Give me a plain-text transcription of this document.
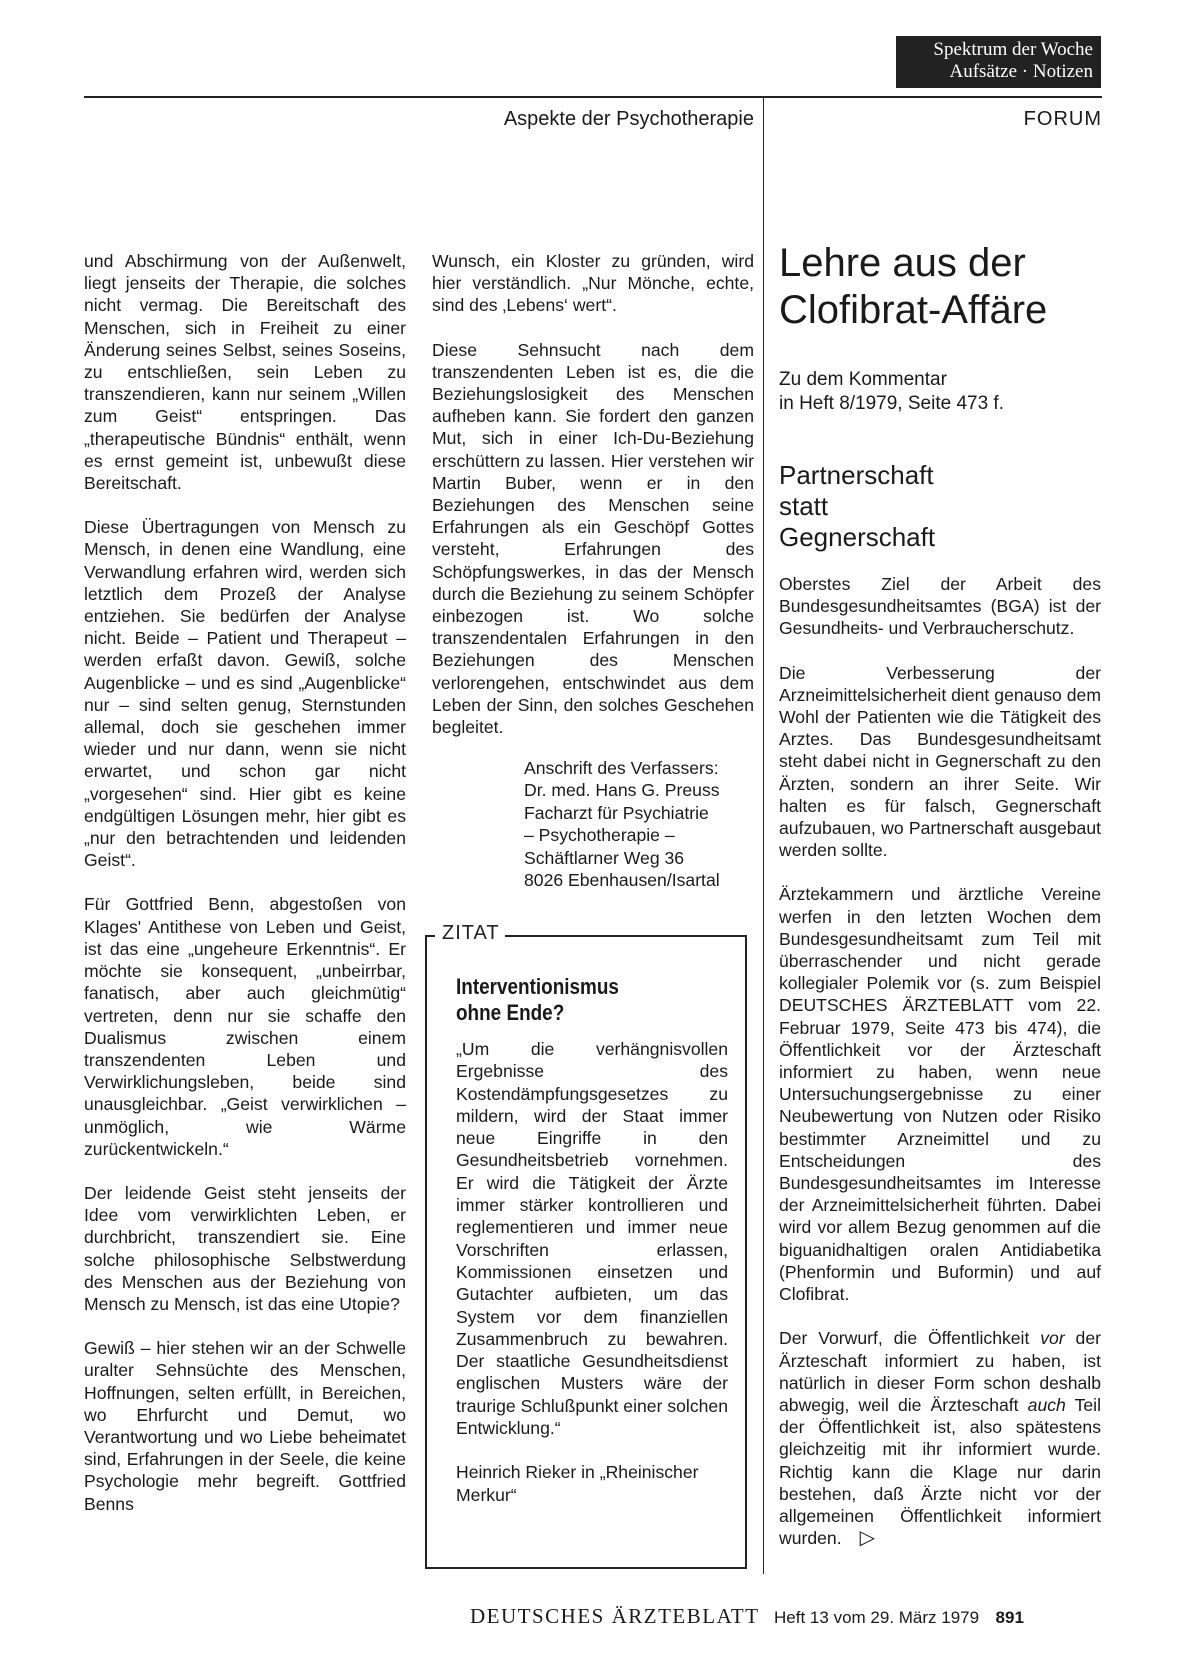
Spektrum der Woche
Aufsätze · Notizen
Aspekte der Psychotherapie	FORUM

und Abschirmung von der Außenwelt, liegt jenseits der Therapie, die solches nicht vermag. Die Bereitschaft des Menschen, sich in Freiheit zu einer Änderung seines Selbst, seines Soseins, zu entschließen, sein Leben zu transzendieren, kann nur seinem „Willen zum Geist“ entspringen. Das „therapeutische Bündnis“ enthält, wenn es ernst gemeint ist, unbewußt diese Bereitschaft.

Diese Übertragungen von Mensch zu Mensch, in denen eine Wandlung, eine Verwandlung erfahren wird, werden sich letztlich dem Prozeß der Analyse entziehen. Sie bedürfen der Analyse nicht. Beide – Patient und Therapeut – werden erfaßt davon. Gewiß, solche Augenblicke – und es sind „Augenblicke“ nur – sind selten genug, Sternstunden allemal, doch sie geschehen immer wieder und nur dann, wenn sie nicht erwartet, und schon gar nicht „vorgesehen“ sind. Hier gibt es keine endgültigen Lösungen mehr, hier gibt es „nur den betrachtenden und leidenden Geist“.

Für Gottfried Benn, abgestoßen von Klages' Antithese von Leben und Geist, ist das eine „ungeheure Erkenntnis“. Er möchte sie konsequent, „unbeirrbar, fanatisch, aber auch gleichmütig“ vertreten, denn nur sie schaffe den Dualismus zwischen einem transzendenten Leben und Verwirklichungsleben, beide sind unausgleichbar. „Geist verwirklichen – unmöglich, wie Wärme zurückentwickeln.“

Der leidende Geist steht jenseits der Idee vom verwirklichten Leben, er durchbricht, transzendiert sie. Eine solche philosophische Selbstwerdung des Menschen aus der Beziehung von Mensch zu Mensch, ist das eine Utopie?

Gewiß – hier stehen wir an der Schwelle uralter Sehnsüchte des Menschen, Hoffnungen, selten erfüllt, in Bereichen, wo Ehrfurcht und Demut, wo Verantwortung und wo Liebe beheimatet sind, Erfahrungen in der Seele, die keine Psychologie mehr begreift. Gottfried Benns

Wunsch, ein Kloster zu gründen, wird hier verständlich. „Nur Mönche, echte, sind des ‚Lebens‘ wert“.

Diese Sehnsucht nach dem transzendenten Leben ist es, die die Beziehungslosigkeit des Menschen aufheben kann. Sie fordert den ganzen Mut, sich in einer Ich-Du-Beziehung erschüttern zu lassen. Hier verstehen wir Martin Buber, wenn er in den Beziehungen des Menschen seine Erfahrungen als ein Geschöpf Gottes versteht, Erfahrungen des Schöpfungswerkes, in das der Mensch durch die Beziehung zu seinem Schöpfer einbezogen ist. Wo solche transzendentalen Erfahrungen in den Beziehungen des Menschen verlorengehen, entschwindet aus dem Leben der Sinn, den solches Geschehen begleitet.

Anschrift des Verfassers:
Dr. med. Hans G. Preuss
Facharzt für Psychiatrie
– Psychotherapie –
Schäftlarner Weg 36
8026 Ebenhausen/Isartal
ZITAT
Interventionismus
ohne Ende?

„Um die verhängnisvollen Ergebnisse des Kostendämpfungsgesetzes zu mildern, wird der Staat immer neue Eingriffe in den Gesundheitsbetrieb vornehmen. Er wird die Tätigkeit der Ärzte immer stärker kontrollieren und reglementieren und immer neue Vorschriften erlassen, Kommissionen einsetzen und Gutachter aufbieten, um das System vor dem finanziellen Zusammenbruch zu bewahren. Der staatliche Gesundheitsdienst englischen Musters wäre der traurige Schlußpunkt einer solchen Entwicklung.“

Heinrich Rieker in „Rheinischer Merkur“

Lehre aus der
Clofibrat-Affäre
Zu dem Kommentar
in Heft 8/1979, Seite 473 f.
Partnerschaft
statt
Gegnerschaft

Oberstes Ziel der Arbeit des Bundesgesundheitsamtes (BGA) ist der Gesundheits- und Verbraucherschutz.

Die Verbesserung der Arzneimittelsicherheit dient genauso dem Wohl der Patienten wie die Tätigkeit des Arztes. Das Bundesgesundheitsamt steht dabei nicht in Gegnerschaft zu den Ärzten, sondern an ihrer Seite. Wir halten es für falsch, Gegnerschaft aufzubauen, wo Partnerschaft ausgebaut werden sollte.

Ärztekammern und ärztliche Vereine werfen in den letzten Wochen dem Bundesgesundheitsamt zum Teil mit überraschender und nicht gerade kollegialer Polemik vor (s. zum Beispiel DEUTSCHES ÄRZTEBLATT vom 22. Februar 1979, Seite 473 bis 474), die Öffentlichkeit vor der Ärzteschaft informiert zu haben, wenn neue Untersuchungsergebnisse zu einer Neubewertung von Nutzen oder Risiko bestimmter Arzneimittel und zu Entscheidungen des Bundesgesundheitsamtes im Interesse der Arzneimittelsicherheit führten. Dabei wird vor allem Bezug genommen auf die biguanidhaltigen oralen Antidiabetika (Phenformin und Buformin) und auf Clofibrat.

Der Vorwurf, die Öffentlichkeit vor der Ärzteschaft informiert zu haben, ist natürlich in dieser Form schon deshalb abwegig, weil die Ärzteschaft auch Teil der Öffentlichkeit ist, also spätestens gleichzeitig mit ihr informiert wurde. Richtig kann die Klage nur darin bestehen, daß Ärzte nicht vor der allgemeinen Öffentlichkeit informiert wurden. ▷

DEUTSCHES ÄRZTEBLATT Heft 13 vom 29. März 1979 891
